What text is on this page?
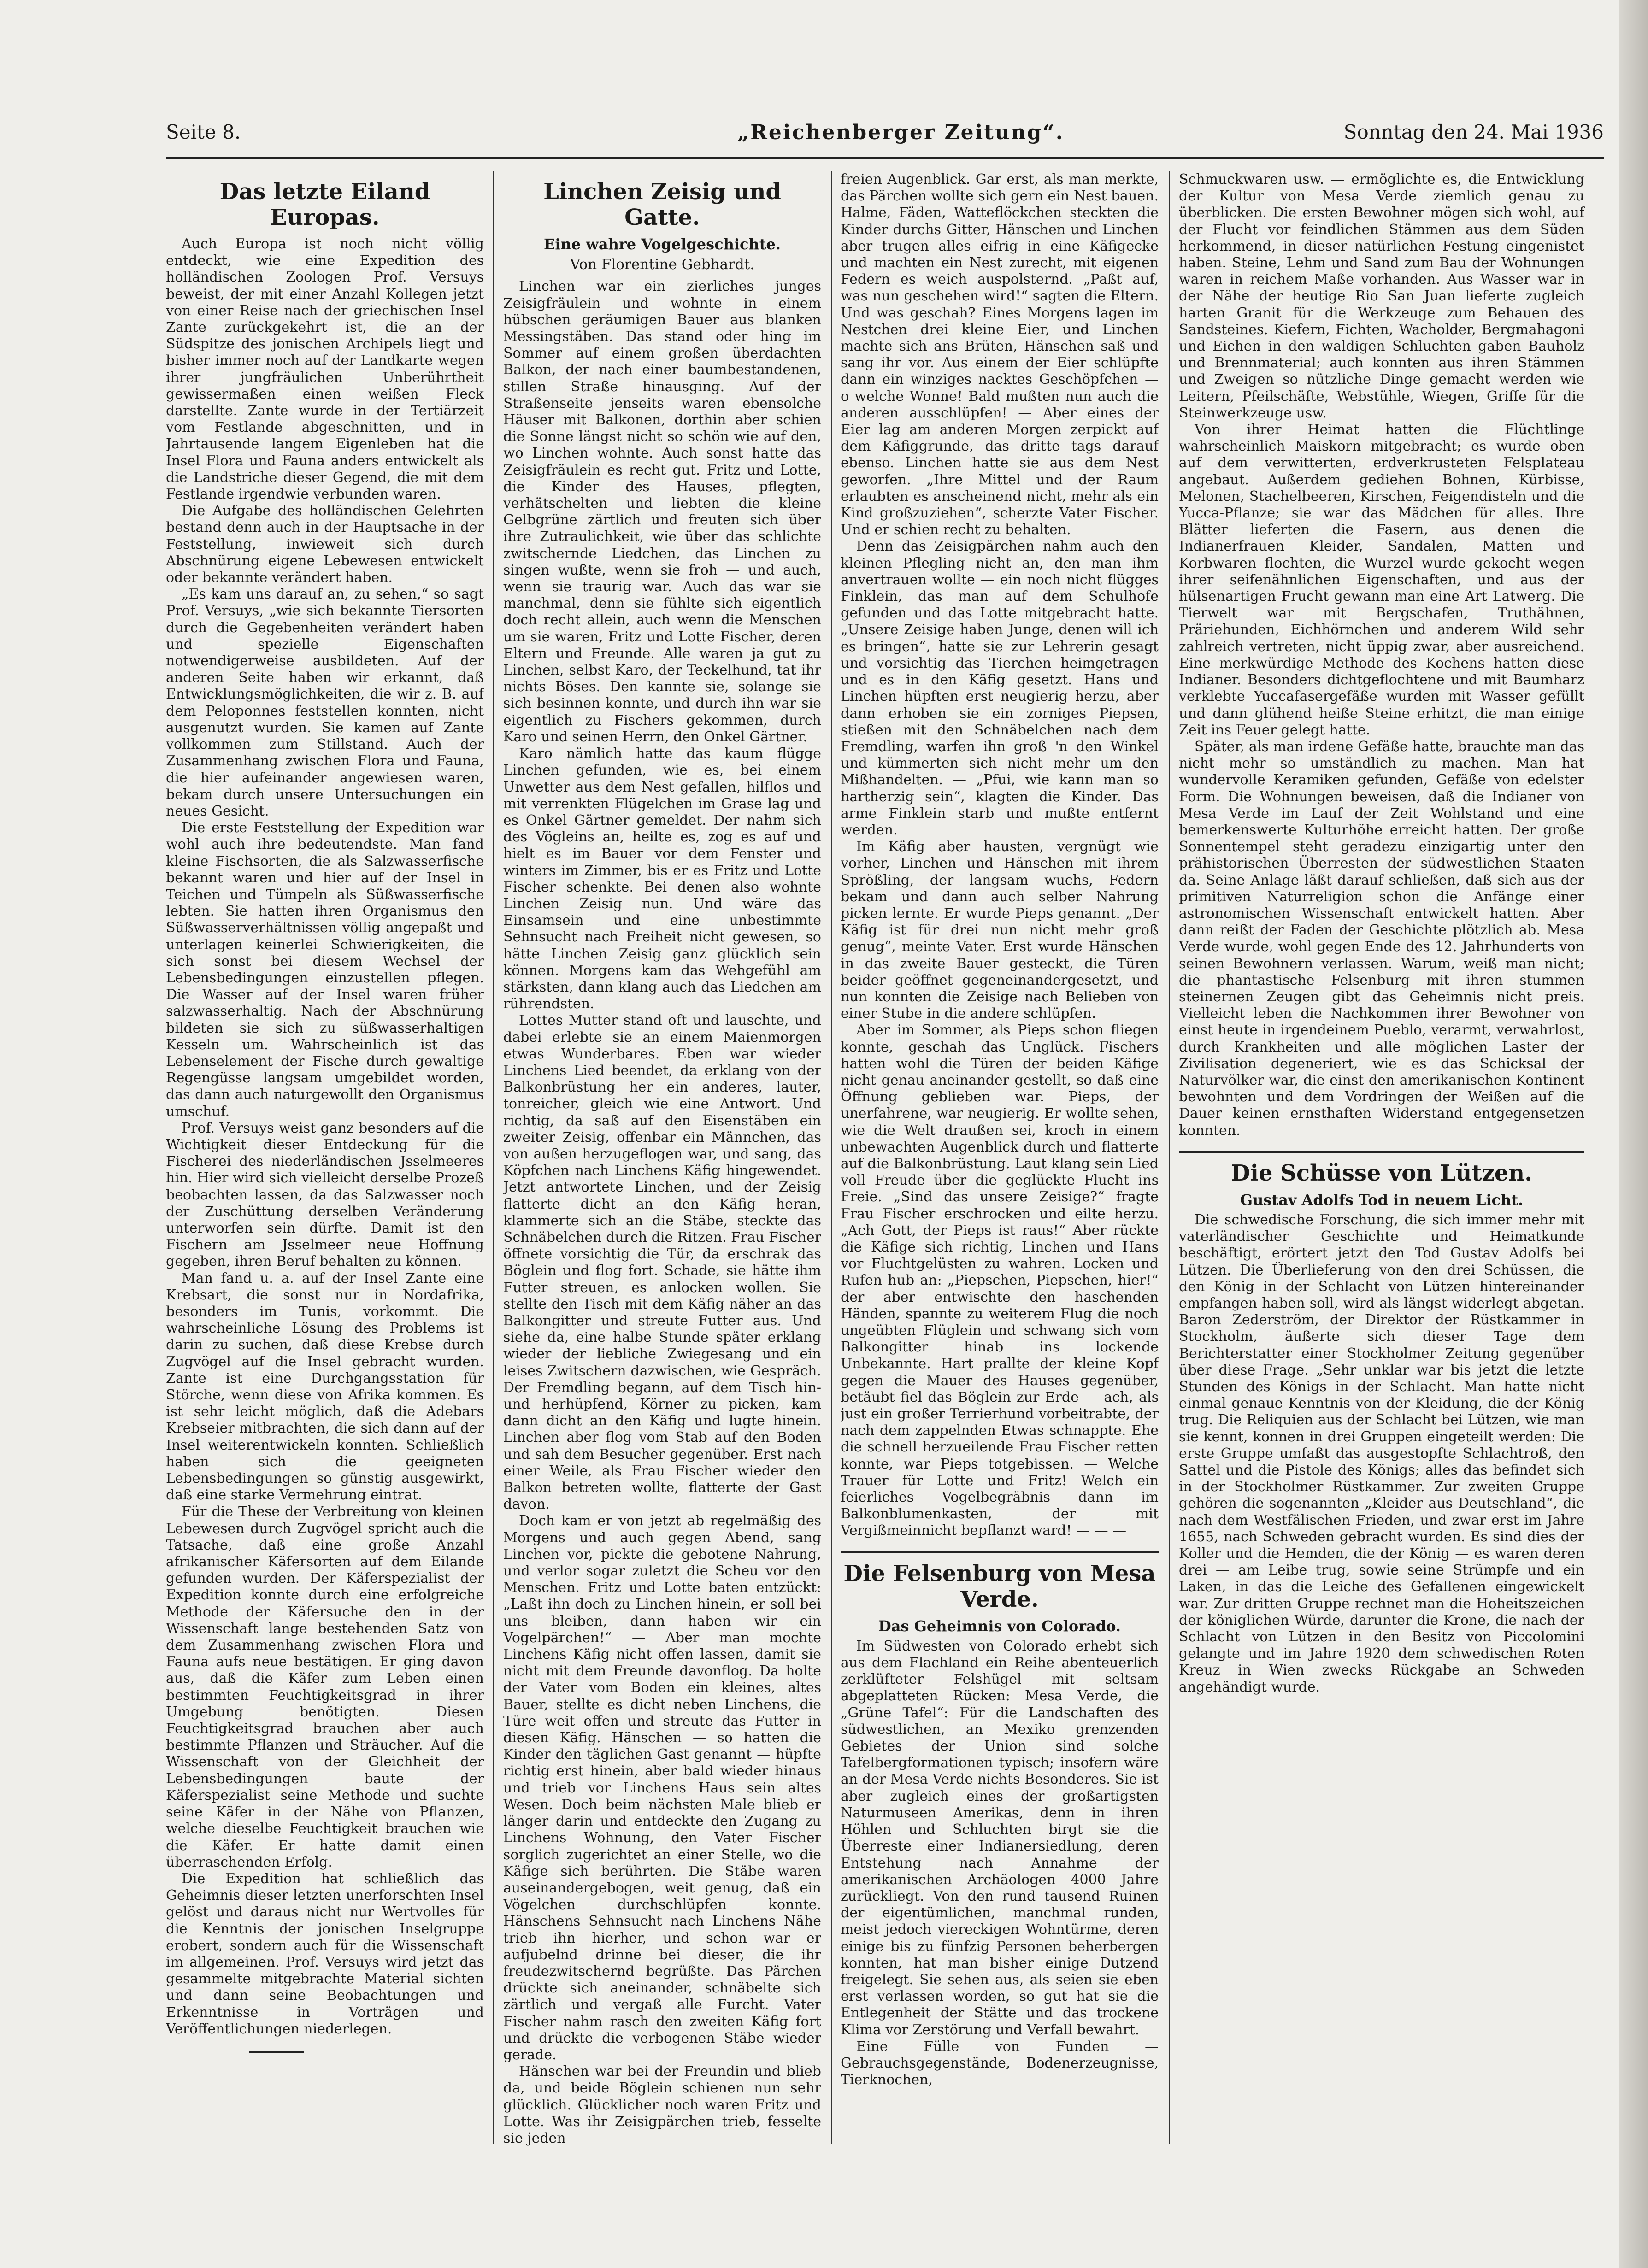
Seite 8.	„Reichenberger Zeitung“.	Sonntag den 24. Mai 1936
Das letzte Eiland Europas.

Auch Europa ist noch nicht völlig entdeckt, wie eine Expedition des holländischen Zoologen Prof. Versuys beweist, der mit einer Anzahl Kollegen jetzt von einer Reise nach der griechischen Insel Zante zurückgekehrt ist, die an der Südspitze des jonischen Archipels liegt und bisher immer noch auf der Landkarte wegen ihrer jungfräulichen Unberührtheit gewissermaßen einen weißen Fleck darstellte. Zante wurde in der Tertiärzeit vom Festlande abgeschnitten, und in Jahrtausende langem Eigenleben hat die Insel Flora und Fauna anders entwickelt als die Landstriche dieser Gegend, die mit dem Festlande irgendwie verbunden waren.

Die Aufgabe des holländischen Gelehrten bestand denn auch in der Hauptsache in der Feststellung, inwieweit sich durch Abschnürung eigene Lebewesen entwickelt oder bekannte verändert haben.

„Es kam uns darauf an, zu sehen,“ so sagt Prof. Versuys, „wie sich bekannte Tiersorten durch die Gegebenheiten verändert haben und spezielle Eigenschaften notwendigerweise ausbildeten. Auf der anderen Seite haben wir erkannt, daß Entwicklungsmöglichkeiten, die wir z. B. auf dem Peloponnes feststellen konnten, nicht ausgenutzt wurden. Sie kamen auf Zante vollkommen zum Stillstand. Auch der Zusammenhang zwischen Flora und Fauna, die hier aufeinander angewiesen waren, bekam durch unsere Untersuchungen ein neues Gesicht.

Die erste Feststellung der Expedition war wohl auch ihre bedeutendste. Man fand kleine Fischsorten, die als Salzwasserfische bekannt waren und hier auf der Insel in Teichen und Tümpeln als Süßwasserfische lebten. Sie hatten ihren Organismus den Süßwasserverhältnissen völlig angepaßt und unterlagen keinerlei Schwierigkeiten, die sich sonst bei diesem Wechsel der Lebensbedingungen einzustellen pflegen. Die Wasser auf der Insel waren früher salzwasserhaltig. Nach der Abschnürung bildeten sie sich zu süßwasserhaltigen Kesseln um. Wahrscheinlich ist das Lebenselement der Fische durch gewaltige Regengüsse langsam umgebildet worden, das dann auch naturgewollt den Organismus umschuf.

Prof. Versuys weist ganz besonders auf die Wichtigkeit dieser Entdeckung für die Fischerei des niederländischen Jsselmeeres hin. Hier wird sich vielleicht derselbe Prozeß beobachten lassen, da das Salzwasser noch der Zuschüttung derselben Veränderung unterworfen sein dürfte. Damit ist den Fischern am Jsselmeer neue Hoffnung gegeben, ihren Beruf behalten zu können.

Man fand u. a. auf der Insel Zante eine Krebsart, die sonst nur in Nordafrika, besonders im Tunis, vorkommt. Die wahrscheinliche Lösung des Problems ist darin zu suchen, daß diese Krebse durch Zugvögel auf die Insel gebracht wurden. Zante ist eine Durchgangsstation für Störche, wenn diese von Afrika kommen. Es ist sehr leicht möglich, daß die Adebars Krebseier mitbrachten, die sich dann auf der Insel weiterentwickeln konnten. Schließlich haben sich die geeigneten Lebensbedingungen so günstig ausgewirkt, daß eine starke Vermehrung eintrat.

Für die These der Verbreitung von kleinen Lebewesen durch Zugvögel spricht auch die Tatsache, daß eine große Anzahl afrikanischer Käfersorten auf dem Eilande gefunden wurden. Der Käferspezialist der Expedition konnte durch eine erfolgreiche Methode der Käfersuche den in der Wissenschaft lange bestehenden Satz von dem Zusammenhang zwischen Flora und Fauna aufs neue bestätigen. Er ging davon aus, daß die Käfer zum Leben einen bestimmten Feuchtigkeitsgrad in ihrer Umgebung benötigten. Diesen Feuchtigkeitsgrad brauchen aber auch bestimmte Pflanzen und Sträucher. Auf die Wissenschaft von der Gleichheit der Lebensbedingungen baute der Käferspezialist seine Methode und suchte seine Käfer in der Nähe von Pflanzen, welche dieselbe Feuchtigkeit brauchen wie die Käfer. Er hatte damit einen überraschenden Erfolg.

Die Expedition hat schließlich das Geheimnis dieser letzten unerforschten Insel gelöst und daraus nicht nur Wertvolles für die Kenntnis der jonischen Inselgruppe erobert, sondern auch für die Wissenschaft im allgemeinen. Prof. Versuys wird jetzt das gesammelte mitgebrachte Material sichten und dann seine Beobachtungen und Erkenntnisse in Vorträgen und Veröffentlichungen niederlegen.

Linchen Zeisig und Gatte.
Eine wahre Vogelgeschichte.
Von Florentine Gebhardt.

Linchen war ein zierliches junges Zeisigfräulein und wohnte in einem hübschen geräumigen Bauer aus blanken Messingstäben. Das stand oder hing im Sommer auf einem großen überdachten Balkon, der nach einer baumbestandenen, stillen Straße hinausging. Auf der Straßenseite jenseits waren ebensolche Häuser mit Balkonen, dorthin aber schien die Sonne längst nicht so schön wie auf den, wo Linchen wohnte. Auch sonst hatte das Zeisigfräulein es recht gut. Fritz und Lotte, die Kinder des Hauses, pflegten, verhätschelten und liebten die kleine Gelbgrüne zärtlich und freuten sich über ihre Zutraulichkeit, wie über das schlichte zwitschernde Liedchen, das Linchen zu singen wußte, wenn sie froh — und auch, wenn sie traurig war. Auch das war sie manchmal, denn sie fühlte sich eigentlich doch recht allein, auch wenn die Menschen um sie waren, Fritz und Lotte Fischer, deren Eltern und Freunde. Alle waren ja gut zu Linchen, selbst Karo, der Teckelhund, tat ihr nichts Böses. Den kannte sie, solange sie sich besinnen konnte, und durch ihn war sie eigentlich zu Fischers gekommen, durch Karo und seinen Herrn, den Onkel Gärtner.

Karo nämlich hatte das kaum flügge Linchen gefunden, wie es, bei einem Unwetter aus dem Nest gefallen, hilflos und mit verrenkten Flügelchen im Grase lag und es Onkel Gärtner gemeldet. Der nahm sich des Vögleins an, heilte es, zog es auf und hielt es im Bauer vor dem Fenster und winters im Zimmer, bis er es Fritz und Lotte Fischer schenkte. Bei denen also wohnte Linchen Zeisig nun. Und wäre das Einsamsein und eine unbestimmte Sehnsucht nach Freiheit nicht gewesen, so hätte Linchen Zeisig ganz glücklich sein können. Morgens kam das Wehgefühl am stärksten, dann klang auch das Liedchen am rührendsten.

Lottes Mutter stand oft und lauschte, und dabei erlebte sie an einem Maienmorgen etwas Wunderbares. Eben war wieder Linchens Lied beendet, da erklang von der Balkonbrüstung her ein anderes, lauter, tonreicher, gleich wie eine Antwort. Und richtig, da saß auf den Eisenstäben ein zweiter Zeisig, offenbar ein Männchen, das von außen herzugeflogen war, und sang, das Köpfchen nach Linchens Käfig hingewendet. Jetzt antwortete Linchen, und der Zeisig flatterte dicht an den Käfig heran, klammerte sich an die Stäbe, steckte das Schnäbelchen durch die Ritzen. Frau Fischer öffnete vorsichtig die Tür, da erschrak das Böglein und flog fort. Schade, sie hätte ihm Futter streuen, es anlocken wollen. Sie stellte den Tisch mit dem Käfig näher an das Balkongitter und streute Futter aus. Und siehe da, eine halbe Stunde später erklang wieder der liebliche Zwiegesang und ein leises Zwitschern dazwischen, wie Gespräch. Der Fremdling begann, auf dem Tisch hin- und herhüpfend, Körner zu picken, kam dann dicht an den Käfig und lugte hinein. Linchen aber flog vom Stab auf den Boden und sah dem Besucher gegenüber. Erst nach einer Weile, als Frau Fischer wieder den Balkon betreten wollte, flatterte der Gast davon.

Doch kam er von jetzt ab regelmäßig des Morgens und auch gegen Abend, sang Linchen vor, pickte die gebotene Nahrung, und verlor sogar zuletzt die Scheu vor den Menschen. Fritz und Lotte baten entzückt: „Laßt ihn doch zu Linchen hinein, er soll bei uns bleiben, dann haben wir ein Vogelpärchen!“ — Aber man mochte Linchens Käfig nicht offen lassen, damit sie nicht mit dem Freunde davonflog. Da holte der Vater vom Boden ein kleines, altes Bauer, stellte es dicht neben Linchens, die Türe weit offen und streute das Futter in diesen Käfig. Hänschen — so hatten die Kinder den täglichen Gast genannt — hüpfte richtig erst hinein, aber bald wieder hinaus und trieb vor Linchens Haus sein altes Wesen. Doch beim nächsten Male blieb er länger darin und entdeckte den Zugang zu Linchens Wohnung, den Vater Fischer sorglich zugerichtet an einer Stelle, wo die Käfige sich berührten. Die Stäbe waren auseinandergebogen, weit genug, daß ein Vögelchen durchschlüpfen konnte. Hänschens Sehnsucht nach Linchens Nähe trieb ihn hierher, und schon war er aufjubelnd drinne bei dieser, die ihr freudezwitschernd begrüßte. Das Pärchen drückte sich aneinander, schnäbelte sich zärtlich und vergaß alle Furcht. Vater Fischer nahm rasch den zweiten Käfig fort und drückte die verbogenen Stäbe wieder gerade.

Hänschen war bei der Freundin und blieb da, und beide Böglein schienen nun sehr glücklich. Glücklicher noch waren Fritz und Lotte. Was ihr Zeisigpärchen trieb, fesselte sie jeden

freien Augenblick. Gar erst, als man merkte, das Pärchen wollte sich gern ein Nest bauen. Halme, Fäden, Watteflöckchen steckten die Kinder durchs Gitter, Hänschen und Linchen aber trugen alles eifrig in eine Käfigecke und machten ein Nest zurecht, mit eigenen Federn es weich auspolsternd. „Paßt auf, was nun geschehen wird!“ sagten die Eltern. Und was geschah? Eines Morgens lagen im Nestchen drei kleine Eier, und Linchen machte sich ans Brüten, Hänschen saß und sang ihr vor. Aus einem der Eier schlüpfte dann ein winziges nacktes Geschöpfchen — o welche Wonne! Bald mußten nun auch die anderen ausschlüpfen! — Aber eines der Eier lag am anderen Morgen zerpickt auf dem Käfiggrunde, das dritte tags darauf ebenso. Linchen hatte sie aus dem Nest geworfen. „Ihre Mittel und der Raum erlaubten es anscheinend nicht, mehr als ein Kind großzuziehen“, scherzte Vater Fischer. Und er schien recht zu behalten.

Denn das Zeisigpärchen nahm auch den kleinen Pflegling nicht an, den man ihm anvertrauen wollte — ein noch nicht flügges Finklein, das man auf dem Schulhofe gefunden und das Lotte mitgebracht hatte. „Unsere Zeisige haben Junge, denen will ich es bringen“, hatte sie zur Lehrerin gesagt und vorsichtig das Tierchen heimgetragen und es in den Käfig gesetzt. Hans und Linchen hüpften erst neugierig herzu, aber dann erhoben sie ein zorniges Piepsen, stießen mit den Schnäbelchen nach dem Fremdling, warfen ihn groß 'n den Winkel und kümmerten sich nicht mehr um den Mißhandelten. — „Pfui, wie kann man so hartherzig sein“, klagten die Kinder. Das arme Finklein starb und mußte entfernt werden.

Im Käfig aber hausten, vergnügt wie vorher, Linchen und Hänschen mit ihrem Sprößling, der langsam wuchs, Federn bekam und dann auch selber Nahrung picken lernte. Er wurde Pieps genannt. „Der Käfig ist für drei nun nicht mehr groß genug“, meinte Vater. Erst wurde Hänschen in das zweite Bauer gesteckt, die Türen beider geöffnet gegeneinandergesetzt, und nun konnten die Zeisige nach Belieben von einer Stube in die andere schlüpfen.

Aber im Sommer, als Pieps schon fliegen konnte, geschah das Unglück. Fischers hatten wohl die Türen der beiden Käfige nicht genau aneinander gestellt, so daß eine Öffnung geblieben war. Pieps, der unerfahrene, war neugierig. Er wollte sehen, wie die Welt draußen sei, kroch in einem unbewachten Augenblick durch und flatterte auf die Balkonbrüstung. Laut klang sein Lied voll Freude über die geglückte Flucht ins Freie. „Sind das unsere Zeisige?“ fragte Frau Fischer erschrocken und eilte herzu. „Ach Gott, der Pieps ist raus!“ Aber rückte die Käfige sich richtig, Linchen und Hans vor Fluchtgelüsten zu wahren. Locken und Rufen hub an: „Piepschen, Piepschen, hier!“ der aber entwischte den haschenden Händen, spannte zu weiterem Flug die noch ungeübten Flüglein und schwang sich vom Balkongitter hinab ins lockende Unbekannte. Hart prallte der kleine Kopf gegen die Mauer des Hauses gegenüber, betäubt fiel das Böglein zur Erde — ach, als just ein großer Terrierhund vorbeitrabte, der nach dem zappelnden Etwas schnappte. Ehe die schnell herzueilende Frau Fischer retten konnte, war Pieps totgebissen. — Welche Trauer für Lotte und Fritz! Welch ein feierliches Vogelbegräbnis dann im Balkonblumenkasten, der mit Vergißmeinnicht bepflanzt ward! — — —

Die Felsenburg von Mesa Verde.
Das Geheimnis von Colorado.

Im Südwesten von Colorado erhebt sich aus dem Flachland ein Reihe abenteuerlich zerklüfteter Felshügel mit seltsam abgeplatteten Rücken: Mesa Verde, die „Grüne Tafel“: Für die Landschaften des südwestlichen, an Mexiko grenzenden Gebietes der Union sind solche Tafelbergformationen typisch; insofern wäre an der Mesa Verde nichts Besonderes. Sie ist aber zugleich eines der großartigsten Naturmuseen Amerikas, denn in ihren Höhlen und Schluchten birgt sie die Überreste einer Indianersiedlung, deren Entstehung nach Annahme der amerikanischen Archäologen 4000 Jahre zurückliegt. Von den rund tausend Ruinen der eigentümlichen, manchmal runden, meist jedoch viereckigen Wohntürme, deren einige bis zu fünfzig Personen beherbergen konnten, hat man bisher einige Dutzend freigelegt. Sie sehen aus, als seien sie eben erst verlassen worden, so gut hat sie die Entlegenheit der Stätte und das trockene Klima vor Zerstörung und Verfall bewahrt.

Eine Fülle von Funden — Gebrauchsgegenstände, Bodenerzeugnisse, Tierknochen,

Schmuckwaren usw. — ermöglichte es, die Entwicklung der Kultur von Mesa Verde ziemlich genau zu überblicken. Die ersten Bewohner mögen sich wohl, auf der Flucht vor feindlichen Stämmen aus dem Süden herkommend, in dieser natürlichen Festung eingenistet haben. Steine, Lehm und Sand zum Bau der Wohnungen waren in reichem Maße vorhanden. Aus Wasser war in der Nähe der heutige Rio San Juan lieferte zugleich harten Granit für die Werkzeuge zum Behauen des Sandsteines. Kiefern, Fichten, Wacholder, Bergmahagoni und Eichen in den waldigen Schluchten gaben Bauholz und Brennmaterial; auch konnten aus ihren Stämmen und Zweigen so nützliche Dinge gemacht werden wie Leitern, Pfeilschäfte, Webstühle, Wiegen, Griffe für die Steinwerkzeuge usw.

Von ihrer Heimat hatten die Flüchtlinge wahrscheinlich Maiskorn mitgebracht; es wurde oben auf dem verwitterten, erdverkrusteten Felsplateau angebaut. Außerdem gediehen Bohnen, Kürbisse, Melonen, Stachelbeeren, Kirschen, Feigendisteln und die Yucca-Pflanze; sie war das Mädchen für alles. Ihre Blätter lieferten die Fasern, aus denen die Indianerfrauen Kleider, Sandalen, Matten und Korbwaren flochten, die Wurzel wurde gekocht wegen ihrer seifenähnlichen Eigenschaften, und aus der hülsenartigen Frucht gewann man eine Art Latwerg. Die Tierwelt war mit Bergschafen, Truthähnen, Präriehunden, Eichhörnchen und anderem Wild sehr zahlreich vertreten, nicht üppig zwar, aber ausreichend. Eine merkwürdige Methode des Kochens hatten diese Indianer. Besonders dichtgeflochtene und mit Baumharz verklebte Yuccafasergefäße wurden mit Wasser gefüllt und dann glühend heiße Steine erhitzt, die man einige Zeit ins Feuer gelegt hatte.

Später, als man irdene Gefäße hatte, brauchte man das nicht mehr so umständlich zu machen. Man hat wundervolle Keramiken gefunden, Gefäße von edelster Form. Die Wohnungen beweisen, daß die Indianer von Mesa Verde im Lauf der Zeit Wohlstand und eine bemerkenswerte Kulturhöhe erreicht hatten. Der große Sonnentempel steht geradezu einzigartig unter den prähistorischen Überresten der südwestlichen Staaten da. Seine Anlage läßt darauf schließen, daß sich aus der primitiven Naturreligion schon die Anfänge einer astronomischen Wissenschaft entwickelt hatten. Aber dann reißt der Faden der Geschichte plötzlich ab. Mesa Verde wurde, wohl gegen Ende des 12. Jahrhunderts von seinen Bewohnern verlassen. Warum, weiß man nicht; die phantastische Felsenburg mit ihren stummen steinernen Zeugen gibt das Geheimnis nicht preis. Vielleicht leben die Nachkommen ihrer Bewohner von einst heute in irgendeinem Pueblo, verarmt, verwahrlost, durch Krankheiten und alle möglichen Laster der Zivilisation degeneriert, wie es das Schicksal der Naturvölker war, die einst den amerikanischen Kontinent bewohnten und dem Vordringen der Weißen auf die Dauer keinen ernsthaften Widerstand entgegensetzen konnten.

Die Schüsse von Lützen.
Gustav Adolfs Tod in neuem Licht.

Die schwedische Forschung, die sich immer mehr mit vaterländischer Geschichte und Heimatkunde beschäftigt, erörtert jetzt den Tod Gustav Adolfs bei Lützen. Die Überlieferung von den drei Schüssen, die den König in der Schlacht von Lützen hintereinander empfangen haben soll, wird als längst widerlegt abgetan. Baron Zederström, der Direktor der Rüstkammer in Stockholm, äußerte sich dieser Tage dem Berichterstatter einer Stockholmer Zeitung gegenüber über diese Frage. „Sehr unklar war bis jetzt die letzte Stunden des Königs in der Schlacht. Man hatte nicht einmal genaue Kenntnis von der Kleidung, die der König trug. Die Reliquien aus der Schlacht bei Lützen, wie man sie kennt, konnen in drei Gruppen eingeteilt werden: Die erste Gruppe umfaßt das ausgestopfte Schlachtroß, den Sattel und die Pistole des Königs; alles das befindet sich in der Stockholmer Rüstkammer. Zur zweiten Gruppe gehören die sogenannten „Kleider aus Deutschland“, die nach dem Westfälischen Frieden, und zwar erst im Jahre 1655, nach Schweden gebracht wurden. Es sind dies der Koller und die Hemden, die der König — es waren deren drei — am Leibe trug, sowie seine Strümpfe und ein Laken, in das die Leiche des Gefallenen eingewickelt war. Zur dritten Gruppe rechnet man die Hoheitszeichen der königlichen Würde, darunter die Krone, die nach der Schlacht von Lützen in den Besitz von Piccolomini gelangte und im Jahre 1920 dem schwedischen Roten Kreuz in Wien zwecks Rückgabe an Schweden angehändigt wurde.
